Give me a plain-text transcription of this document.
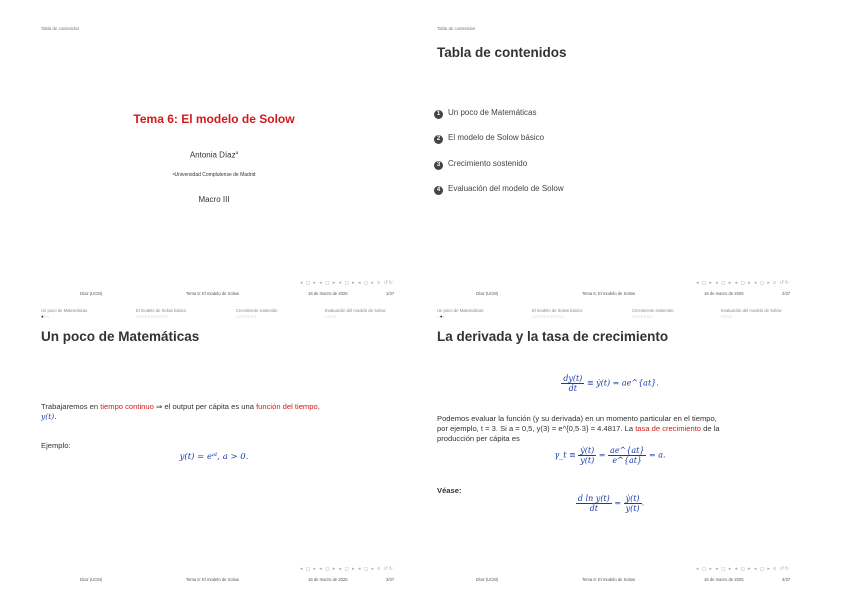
Tabla de contenidos
Tema 6: El modelo de Solow
Antonia Díaz$^a$
ᵃUniversidad Complutense de Madrid
Macro III
◂ ◻ ▸ ◂ ◻ ▸ ◂ ◻ ▸ ◂ ◻ ▸ ≡ ↺↻
Díaz (UCM)	Tema 6: El modelo de Solow	16 de marzo de 2025	1/37
Tabla de contenidos
Tabla de contenidos
1 Un poco de Matemáticas
2 El modelo de Solow básico
3 Crecimiento sostenido
4 Evaluación del modelo de Solow
◂ ◻ ▸ ◂ ◻ ▸ ◂ ◻ ▸ ◂ ◻ ▸ ≡ ↺↻
Díaz (UCM)	Tema 6: El modelo de Solow	16 de marzo de 2025	2/37
Un poco de Matemáticas	El modelo de Solow básico	Crecimiento sostenido	Evaluación del modelo de Solow
●○○	○○○○○○○○○○○	○○○○○○○	○○○○
Un poco de Matemáticas
Trabajaremos en tiempo continuo ⇒ el output per cápita es una función del tiempo,
y(t).
Ejemplo:
y(t) = eᵃᵗ, a > 0.
◂ ◻ ▸ ◂ ◻ ▸ ◂ ◻ ▸ ◂ ◻ ▸ ≡ ↺↻
Díaz (UCM)	Tema 6: El modelo de Solow	16 de marzo de 2025	3/37
Un poco de Matemáticas	El modelo de Solow básico	Crecimiento sostenido	Evaluación del modelo de Solow
○●○	○○○○○○○○○○○	○○○○○○○	○○○○
La derivada y la tasa de crecimiento
$\frac{dy(t)}{dt}$ ≡ ẏ(t) = ae^{at}.
Podemos evaluar la función (y su derivada) en un momento particular en el tiempo,
por ejemplo, t = 3. Si a = 0,5, y(3) = e^{0,5·3} = 4.4817. La tasa de crecimiento de la
producción per cápita es
γ_t ≡ $\frac{\text{ẏ(t)}}{y(t)} = \frac{ae\^{}\{at\}}{e\^{}\{at\}} = a$.
Véase:
$\frac{\text{d ln y(t)}}{dt} = \frac{\text{ẏ(t)}}{y(t)}$ .
◂ ◻ ▸ ◂ ◻ ▸ ◂ ◻ ▸ ◂ ◻ ▸ ≡ ↺↻
Díaz (UCM)	Tema 6: El modelo de Solow	16 de marzo de 2025	4/37
